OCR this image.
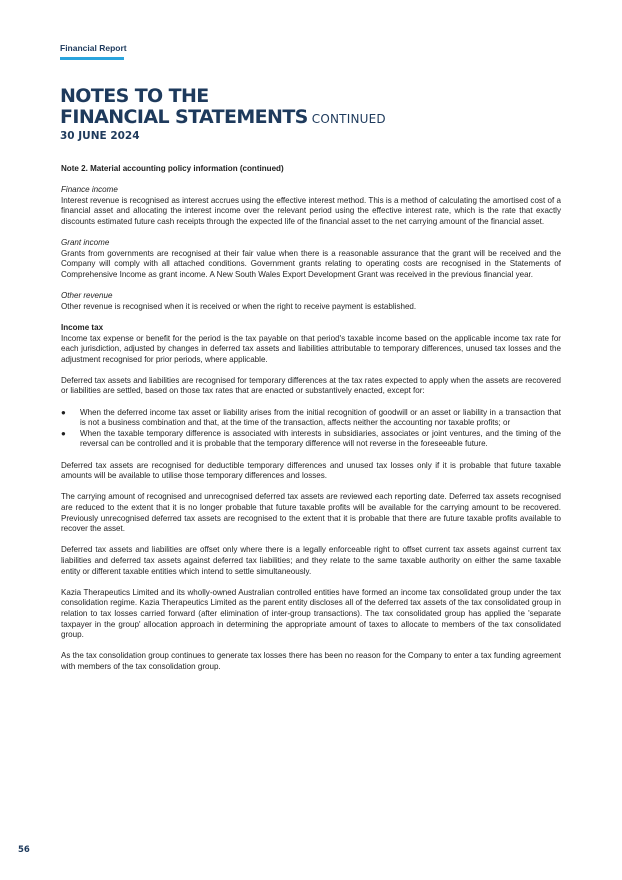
Financial Report
NOTES TO THE
FINANCIAL STATEMENTS CONTINUED
30 JUNE 2024

Note 2. Material accounting policy information (continued)

Finance income

Interest revenue is recognised as interest accrues using the effective interest method. This is a method of calculating the amortised cost of a financial asset and allocating the interest income over the relevant period using the effective interest rate, which is the rate that exactly discounts estimated future cash receipts through the expected life of the financial asset to the net carrying amount of the financial asset.

Grant income

Grants from governments are recognised at their fair value when there is a reasonable assurance that the grant will be received and the Company will comply with all attached conditions. Government grants relating to operating costs are recognised in the Statements of Comprehensive Income as grant income. A New South Wales Export Development Grant was received in the previous financial year.

Other revenue

Other revenue is recognised when it is received or when the right to receive payment is established.

Income tax

Income tax expense or benefit for the period is the tax payable on that period's taxable income based on the applicable income tax rate for each jurisdiction, adjusted by changes in deferred tax assets and liabilities attributable to temporary differences, unused tax losses and the adjustment recognised for prior periods, where applicable.

Deferred tax assets and liabilities are recognised for temporary differences at the tax rates expected to apply when the assets are recovered or liabilities are settled, based on those tax rates that are enacted or substantively enacted, except for:

● When the deferred income tax asset or liability arises from the initial recognition of goodwill or an asset or liability in a transaction that is not a business combination and that, at the time of the transaction, affects neither the accounting nor taxable profits; or
● When the taxable temporary difference is associated with interests in subsidiaries, associates or joint ventures, and the timing of the reversal can be controlled and it is probable that the temporary difference will not reverse in the foreseeable future.

Deferred tax assets are recognised for deductible temporary differences and unused tax losses only if it is probable that future taxable amounts will be available to utilise those temporary differences and losses.

The carrying amount of recognised and unrecognised deferred tax assets are reviewed each reporting date. Deferred tax assets recognised are reduced to the extent that it is no longer probable that future taxable profits will be available for the carrying amount to be recovered. Previously unrecognised deferred tax assets are recognised to the extent that it is probable that there are future taxable profits available to recover the asset.

Deferred tax assets and liabilities are offset only where there is a legally enforceable right to offset current tax assets against current tax liabilities and deferred tax assets against deferred tax liabilities; and they relate to the same taxable authority on either the same taxable entity or different taxable entities which intend to settle simultaneously.

Kazia Therapeutics Limited and its wholly-owned Australian controlled entities have formed an income tax consolidated group under the tax consolidation regime. Kazia Therapeutics Limited as the parent entity discloses all of the deferred tax assets of the tax consolidated group in relation to tax losses carried forward (after elimination of inter-group transactions). The tax consolidated group has applied the 'separate taxpayer in the group' allocation approach in determining the appropriate amount of taxes to allocate to members of the tax consolidated group.

As the tax consolidation group continues to generate tax losses there has been no reason for the Company to enter a tax funding agreement with members of the tax consolidation group.

56
